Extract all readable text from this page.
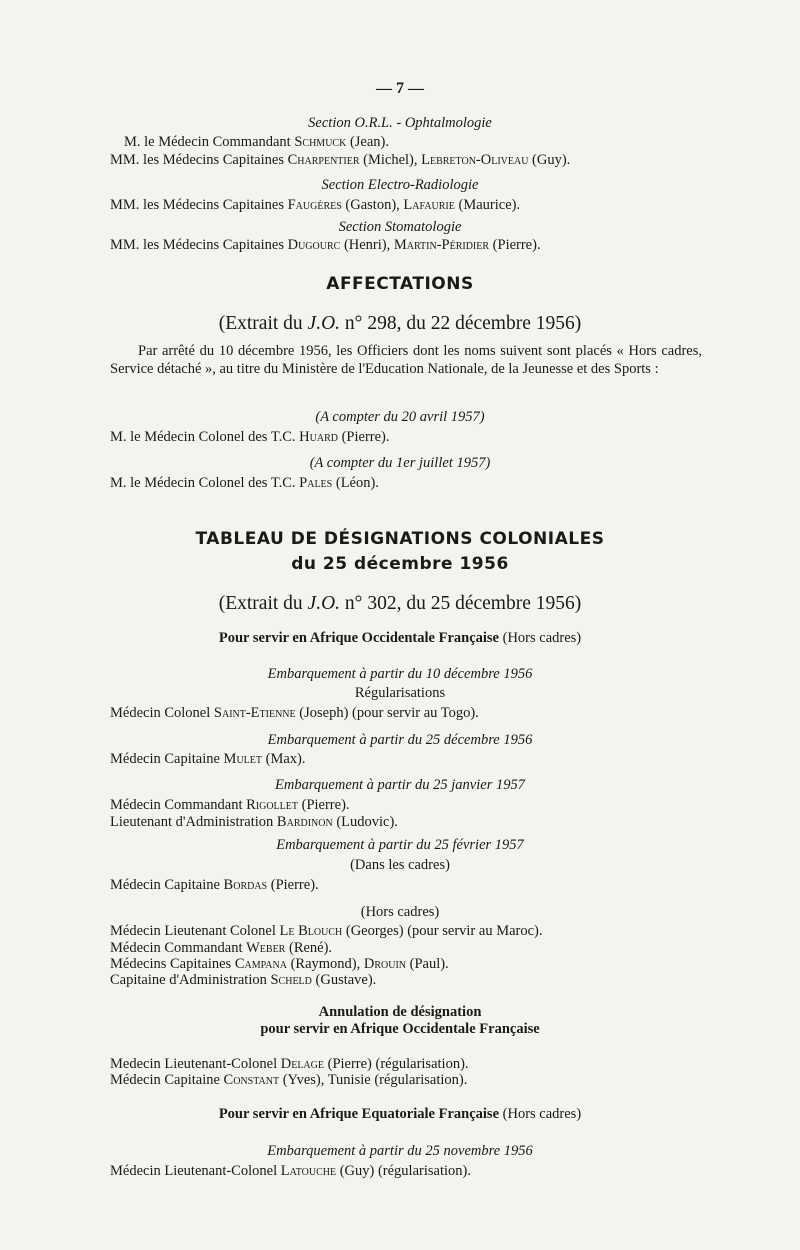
— 7 —
Section O.R.L. - Ophtalmologie
M. le Médecin Commandant Schmuck (Jean).
MM. les Médecins Capitaines Charpentier (Michel), Lebreton-Oliveau (Guy).
Section Electro-Radiologie
MM. les Médecins Capitaines Faugères (Gaston), Lafaurie (Maurice).
Section Stomatologie
MM. les Médecins Capitaines Dugourc (Henri), Martin-Péridier (Pierre).
AFFECTATIONS
(Extrait du J.O. n° 298, du 22 décembre 1956)
Par arrêté du 10 décembre 1956, les Officiers dont les noms suivent sont placés « Hors cadres, Service détaché », au titre du Ministère de l'Education Nationale, de la Jeunesse et des Sports :
(A compter du 20 avril 1957)
M. le Médecin Colonel des T.C. Huard (Pierre).
(A compter du 1er juillet 1957)
M. le Médecin Colonel des T.C. Pales (Léon).
TABLEAU DE DÉSIGNATIONS COLONIALES
du 25 décembre 1956
(Extrait du J.O. n° 302, du 25 décembre 1956)
Pour servir en Afrique Occidentale Française (Hors cadres)
Embarquement à partir du 10 décembre 1956
Régularisations
Médecin Colonel Saint-Etienne (Joseph) (pour servir au Togo).
Embarquement à partir du 25 décembre 1956
Médecin Capitaine Mulet (Max).
Embarquement à partir du 25 janvier 1957
Médecin Commandant Rigollet (Pierre).
Lieutenant d'Administration Bardinon (Ludovic).
Embarquement à partir du 25 février 1957
(Dans les cadres)
Médecin Capitaine Bordas (Pierre).
(Hors cadres)
Médecin Lieutenant Colonel Le Blouch (Georges) (pour servir au Maroc).
Médecin Commandant Weber (René).
Médecins Capitaines Campana (Raymond), Drouin (Paul).
Capitaine d'Administration Scheld (Gustave).
Annulation de désignation
pour servir en Afrique Occidentale Française
Medecin Lieutenant-Colonel Delage (Pierre) (régularisation).
Médecin Capitaine Constant (Yves), Tunisie (régularisation).
Pour servir en Afrique Equatoriale Française (Hors cadres)
Embarquement à partir du 25 novembre 1956
Médecin Lieutenant-Colonel Latouche (Guy) (régularisation).
